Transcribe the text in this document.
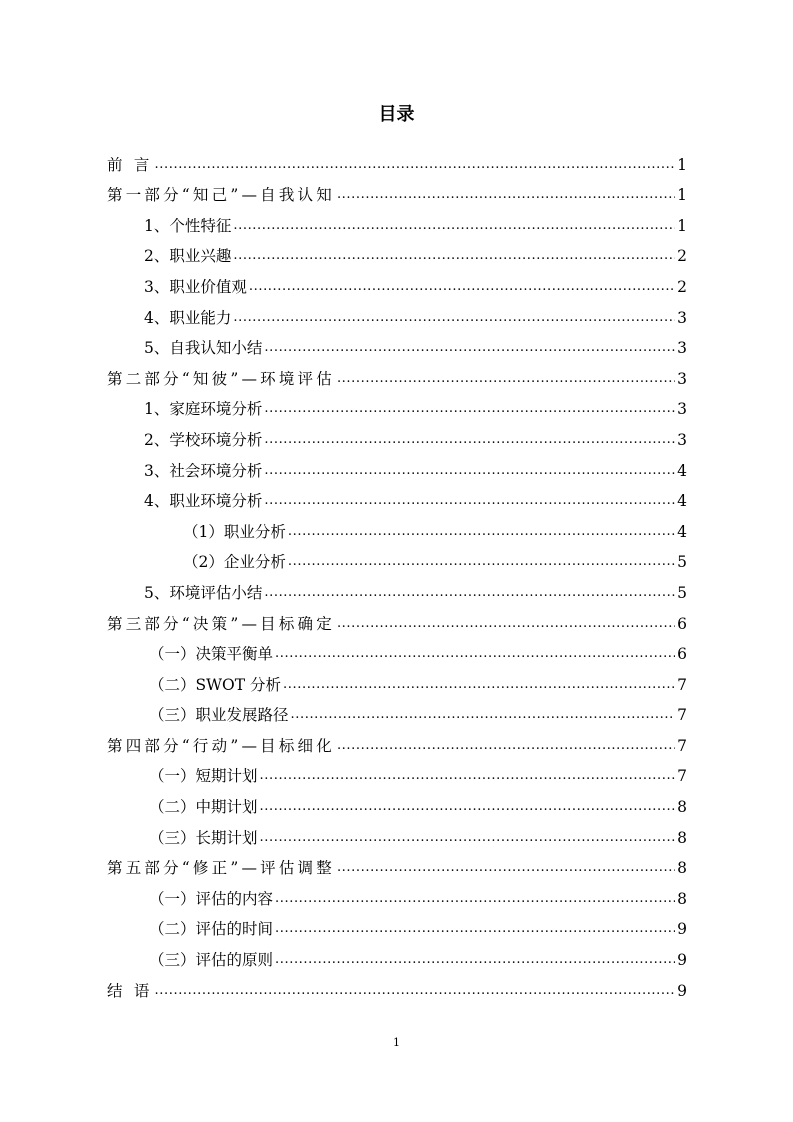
目录
前 言 .....	1
第一部分“知己”—自我认知 .....	1
1、个性特征 .....	1
2、职业兴趣 .....	2
3、职业价值观 .....	2
4、职业能力 .....	3
5、自我认知小结 .....	3
第二部分“知彼”—环境评估 .....	3
1、家庭环境分析 .....	3
2、学校环境分析 .....	3
3、社会环境分析 .....	4
4、职业环境分析 .....	4
（1）职业分析 .....	4
（2）企业分析 .....	5
5、环境评估小结 .....	5
第三部分“决策”—目标确定 .....	6
（一）决策平衡单 .....	6
（二）SWOT 分析 .....	7
（三）职业发展路径 .....	7
第四部分“行动”—目标细化 .....	7
（一）短期计划 .....	7
（二）中期计划 .....	8
（三）长期计划 .....	8
第五部分“修正”—评估调整 .....	8
（一）评估的内容 .....	8
（二）评估的时间 .....	9
（三）评估的原则 .....	9
结 语 .....	9
1
